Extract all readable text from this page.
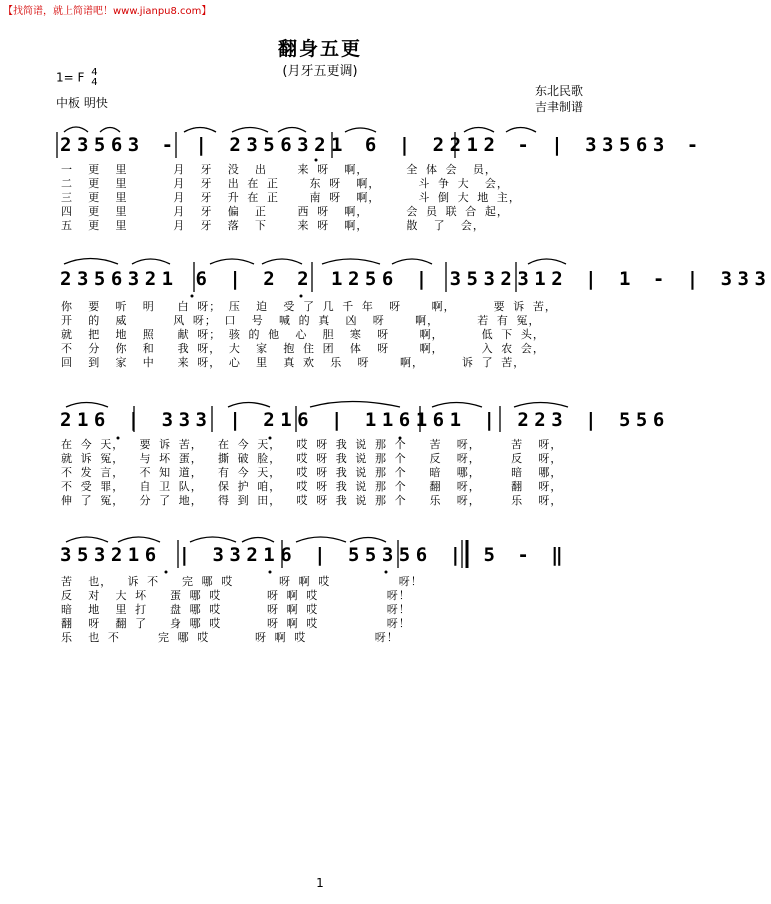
【找简谱，就上简谱吧！www.jianpu8.com】
翻身五更
(月牙五更调)
1= F 4
4
中板 明快
东北民歌
吉聿制谱
23563 - | 2356321 6 | 2212 - | 33563 -
一  更  里      月  牙  没  出    来 呀  啊，     全 体 会  员，
二  更  里      月  牙  出 在 正    东 呀  啊，     斗 争 大  会，
三  更  里      月  牙  升 在 正    南 呀  啊，     斗 倒 大 地 主，
四  更  里      月  牙  偏  正    西 呀  啊，     会 员 联 合 起，
五  更  里      月  牙  落  下    来 呀  啊，     散  了  会，
2356321 6 | 2 2 1256 | 3532312 | 1 - | 333
你  要  听  明   白 呀； 压  迫  受 了 几 千 年  呀    啊，     要 诉 苦，
开  的  威      风 呀； 口  号  喊 的 真  凶  呀    啊，     若 有 冤，
就  把  地  照   献 呀； 骇 的 他  心  胆  寒  呀    啊，     低 下 头，
不  分  你  和   我 呀， 大  家  抱 住 团  体  呀    啊，     入 农 会，
回  到  家  中   来 呀， 心  里  真 欢  乐  呀    啊，     诉 了 苦，
216 | 333 | 216 | 116161 | 223 | 556
在 今 天，  要 诉 苦，  在 今 天，  哎 呀 我 说 那 个   苦  呀，    苦  呀，
就 诉 冤，  与 坏 蛋，  撕 破 脸，  哎 呀 我 说 那 个   反  呀，    反  呀，
不 发 言，  不 知 道，  有 今 天，  哎 呀 我 说 那 个   暗  哪，    暗  哪，
不 受 罪，  自 卫 队，  保 护 咱，  哎 呀 我 说 那 个   翻  呀，    翻  呀，
伸 了 冤，  分 了 地，  得 到 田，  哎 呀 我 说 那 个   乐  呀，    乐  呀，
353216 | 33216 | 55356 | 5 - ‖
苦  也，  诉 不   完 哪 哎      呀 啊 哎         呀！
反  对  大 坏   蛋 哪 哎      呀 啊 哎         呀！
暗  地  里 打   盘 哪 哎      呀 啊 哎         呀！
翻  呀  翻 了   身 哪 哎      呀 啊 哎         呀！
乐  也 不     完 哪 哎      呀 啊 哎         呀！
1
